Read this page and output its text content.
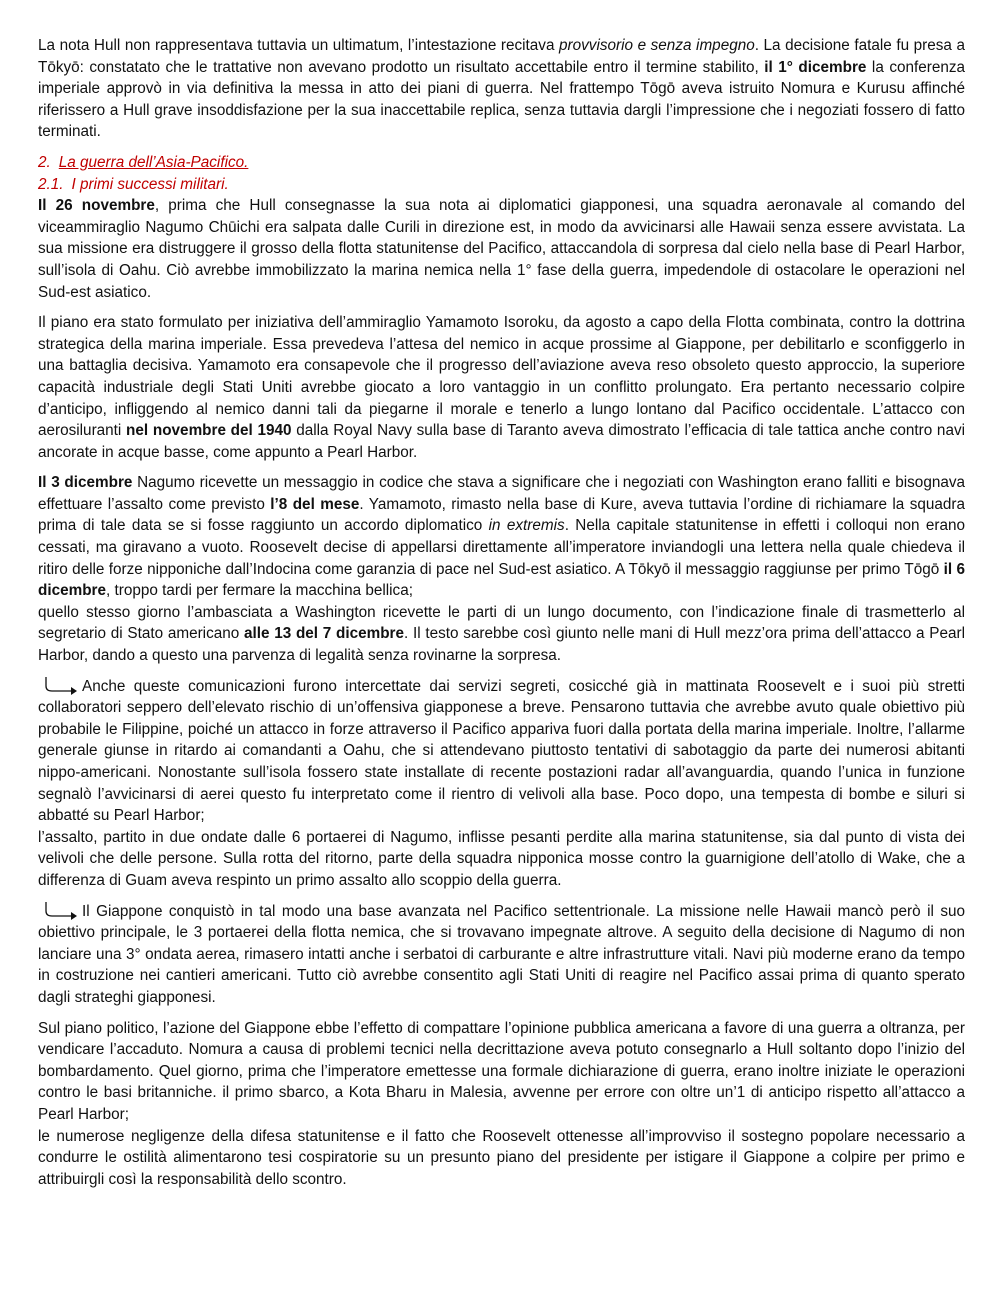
La nota Hull non rappresentava tuttavia un ultimatum, l’intestazione recitava provvisorio e senza impegno. La decisione fatale fu presa a Tōkyō: constatato che le trattative non avevano prodotto un risultato accettabile entro il termine stabilito, il 1° dicembre la conferenza imperiale approvò in via definitiva la messa in atto dei piani di guerra. Nel frattempo Tōgō aveva istruito Nomura e Kurusu affinché riferissero a Hull grave insoddisfazione per la sua inaccettabile replica, senza tuttavia dargli l’impressione che i negoziati fossero di fatto terminati.

2. La guerra dell’Asia-Pacifico.
2.1. I primi successi militari.

Il 26 novembre, prima che Hull consegnasse la sua nota ai diplomatici giapponesi, una squadra aeronavale al comando del viceammiraglio Nagumo Chūichi era salpata dalle Curili in direzione est, in modo da avvicinarsi alle Hawaii senza essere avvistata. La sua missione era distruggere il grosso della flotta statunitense del Pacifico, attaccandola di sorpresa dal cielo nella base di Pearl Harbor, sull’isola di Oahu. Ciò avrebbe immobilizzato la marina nemica nella 1° fase della guerra, impedendole di ostacolare le operazioni nel Sud-est asiatico.

Il piano era stato formulato per iniziativa dell’ammiraglio Yamamoto Isoroku, da agosto a capo della Flotta combinata, contro la dottrina strategica della marina imperiale. Essa prevedeva l’attesa del nemico in acque prossime al Giappone, per debilitarlo e sconfiggerlo in una battaglia decisiva. Yamamoto era consapevole che il progresso dell’aviazione aveva reso obsoleto questo approccio, la superiore capacità industriale degli Stati Uniti avrebbe giocato a loro vantaggio in un conflitto prolungato. Era pertanto necessario colpire d’anticipo, infliggendo al nemico danni tali da piegarne il morale e tenerlo a lungo lontano dal Pacifico occidentale. L’attacco con aerosiluranti nel novembre del 1940 dalla Royal Navy sulla base di Taranto aveva dimostrato l’efficacia di tale tattica anche contro navi ancorate in acque basse, come appunto a Pearl Harbor.

Il 3 dicembre Nagumo ricevette un messaggio in codice che stava a significare che i negoziati con Washington erano falliti e bisognava effettuare l’assalto come previsto l’8 del mese. Yamamoto, rimasto nella base di Kure, aveva tuttavia l’ordine di richiamare la squadra prima di tale data se si fosse raggiunto un accordo diplomatico in extremis. Nella capitale statunitense in effetti i colloqui non erano cessati, ma giravano a vuoto. Roosevelt decise di appellarsi direttamente all’imperatore inviandogli una lettera nella quale chiedeva il ritiro delle forze nipponiche dall’Indocina come garanzia di pace nel Sud-est asiatico. A Tōkyō il messaggio raggiunse per primo Tōgō il 6 dicembre, troppo tardi per fermare la macchina bellica;

quello stesso giorno l’ambasciata a Washington ricevette le parti di un lungo documento, con l’indicazione finale di trasmetterlo al segretario di Stato americano alle 13 del 7 dicembre. Il testo sarebbe così giunto nelle mani di Hull mezz’ora prima dell’attacco a Pearl Harbor, dando a questo una parvenza di legalità senza rovinarne la sorpresa.

Anche queste comunicazioni furono intercettate dai servizi segreti, cosicché già in mattinata Roosevelt e i suoi più stretti collaboratori seppero dell’elevato rischio di un’offensiva giapponese a breve. Pensarono tuttavia che avrebbe avuto quale obiettivo più probabile le Filippine, poiché un attacco in forze attraverso il Pacifico appariva fuori dalla portata della marina imperiale. Inoltre, l’allarme generale giunse in ritardo ai comandanti a Oahu, che si attendevano piuttosto tentativi di sabotaggio da parte dei numerosi abitanti nippo-americani. Nonostante sull’isola fossero state installate di recente postazioni radar all’avanguardia, quando l’unica in funzione segnalò l’avvicinarsi di aerei questo fu interpretato come il rientro di velivoli alla base. Poco dopo, una tempesta di bombe e siluri si abbatté su Pearl Harbor;

l’assalto, partito in due ondate dalle 6 portaerei di Nagumo, inflisse pesanti perdite alla marina statunitense, sia dal punto di vista dei velivoli che delle persone. Sulla rotta del ritorno, parte della squadra nipponica mosse contro la guarnigione dell’atollo di Wake, che a differenza di Guam aveva respinto un primo assalto allo scoppio della guerra.

Il Giappone conquistò in tal modo una base avanzata nel Pacifico settentrionale. La missione nelle Hawaii mancò però il suo obiettivo principale, le 3 portaerei della flotta nemica, che si trovavano impegnate altrove. A seguito della decisione di Nagumo di non lanciare una 3° ondata aerea, rimasero intatti anche i serbatoi di carburante e altre infrastrutture vitali. Navi più moderne erano da tempo in costruzione nei cantieri americani. Tutto ciò avrebbe consentito agli Stati Uniti di reagire nel Pacifico assai prima di quanto sperato dagli strateghi giapponesi.

Sul piano politico, l’azione del Giappone ebbe l’effetto di compattare l’opinione pubblica americana a favore di una guerra a oltranza, per vendicare l’accaduto. Nomura a causa di problemi tecnici nella decrittazione aveva potuto consegnarlo a Hull soltanto dopo l’inizio del bombardamento. Quel giorno, prima che l’imperatore emettesse una formale dichiarazione di guerra, erano inoltre iniziate le operazioni contro le basi britanniche. il primo sbarco, a Kota Bharu in Malesia, avvenne per errore con oltre un’1 di anticipo rispetto all’attacco a Pearl Harbor;

le numerose negligenze della difesa statunitense e il fatto che Roosevelt ottenesse all’improvviso il sostegno popolare necessario a condurre le ostilità alimentarono tesi cospiratorie su un presunto piano del presidente per istigare il Giappone a colpire per primo e attribuirgli così la responsabilità dello scontro.
